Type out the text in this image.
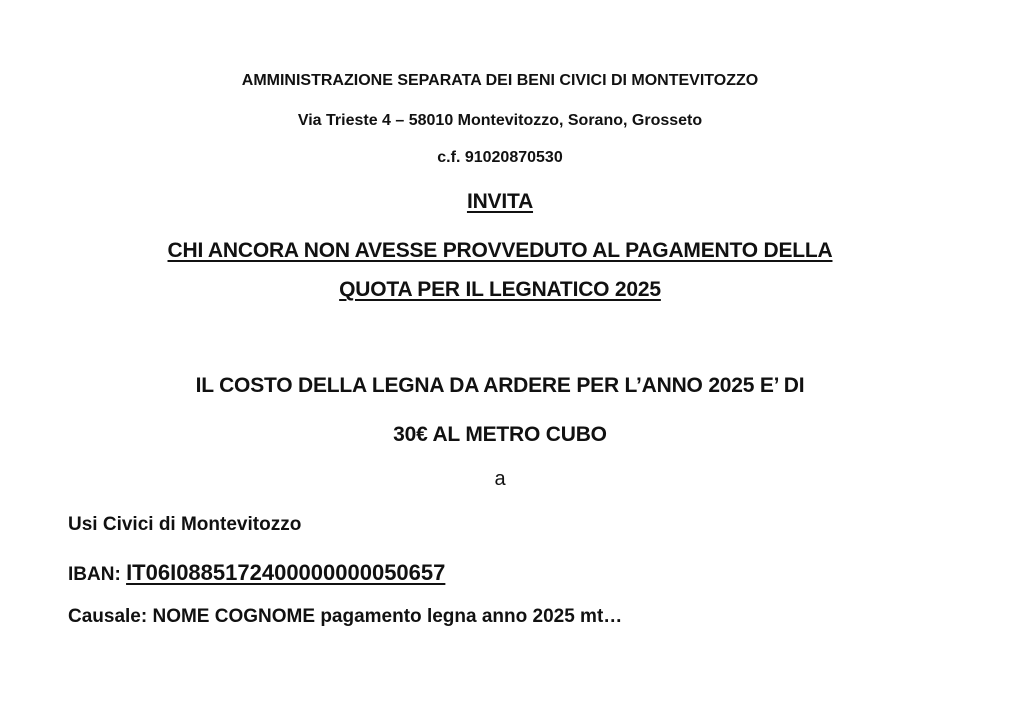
AMMINISTRAZIONE SEPARATA DEI BENI CIVICI DI MONTEVITOZZO
Via Trieste 4 – 58010 Montevitozzo, Sorano, Grosseto
c.f. 91020870530
INVITA
CHI ANCORA NON AVESSE PROVVEDUTO AL PAGAMENTO DELLA
QUOTA PER IL LEGNATICO 2025
IL COSTO DELLA LEGNA DA ARDERE PER L’ANNO 2025 E’ DI
30€ AL METRO CUBO
a
Usi Civici di Montevitozzo
IBAN: IT06I0885172400000000050657
Causale: NOME COGNOME pagamento legna anno 2025 mt…
